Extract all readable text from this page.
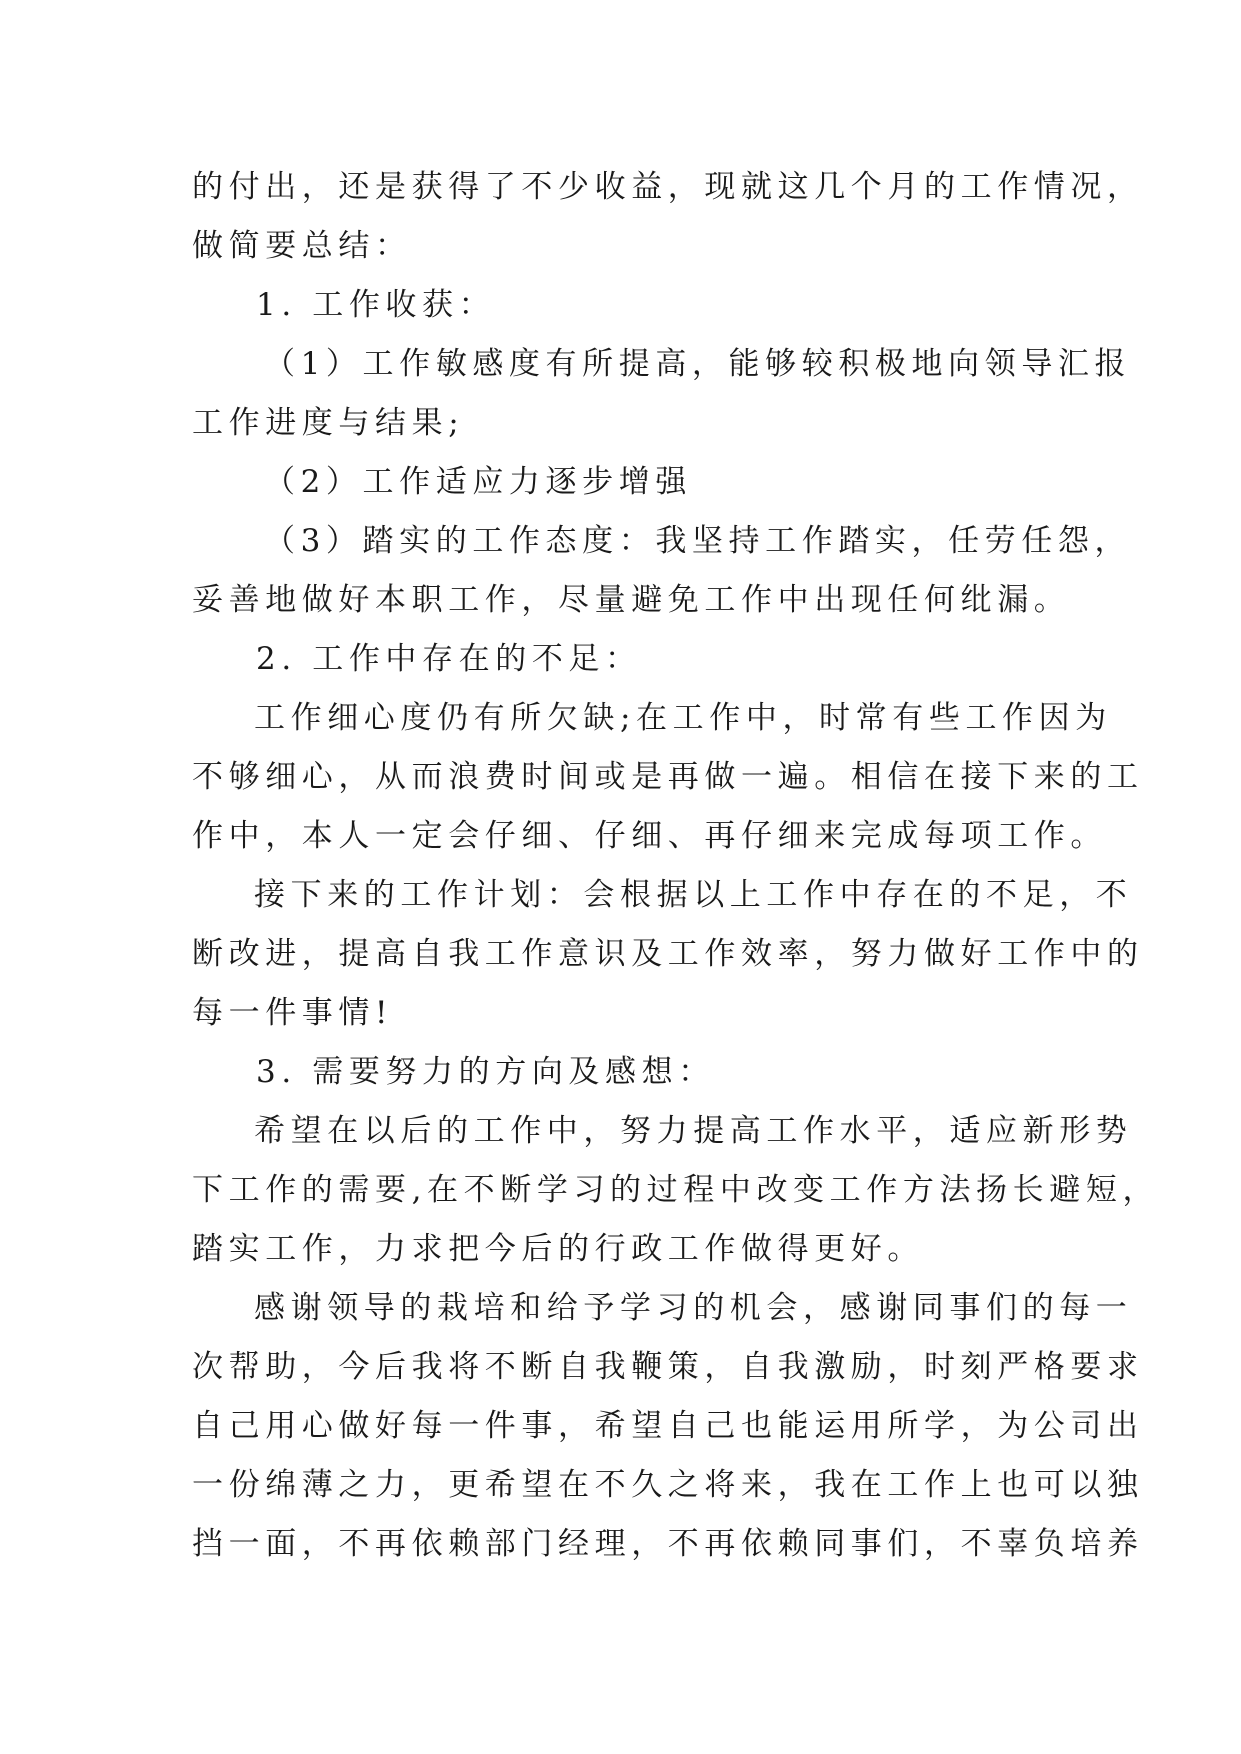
的付出，还是获得了不少收益，现就这几个月的工作情况，
做简要总结：
1. 工作收获：
（1）工作敏感度有所提高，能够较积极地向领导汇报
工作进度与结果;
（2）工作适应力逐步增强
（3）踏实的工作态度：我坚持工作踏实，任劳任怨，
妥善地做好本职工作，尽量避免工作中出现任何纰漏。
2. 工作中存在的不足：
工作细心度仍有所欠缺;在工作中，时常有些工作因为
不够细心，从而浪费时间或是再做一遍。相信在接下来的工
作中，本人一定会仔细、仔细、再仔细来完成每项工作。
接下来的工作计划：会根据以上工作中存在的不足，不
断改进，提高自我工作意识及工作效率，努力做好工作中的
每一件事情!
3. 需要努力的方向及感想：
希望在以后的工作中，努力提高工作水平，适应新形势
下工作的需要,在不断学习的过程中改变工作方法扬长避短，
踏实工作，力求把今后的行政工作做得更好。
感谢领导的栽培和给予学习的机会，感谢同事们的每一
次帮助，今后我将不断自我鞭策，自我激励，时刻严格要求
自己用心做好每一件事，希望自己也能运用所学，为公司出
一份绵薄之力，更希望在不久之将来，我在工作上也可以独
挡一面，不再依赖部门经理，不再依赖同事们，不辜负培养
